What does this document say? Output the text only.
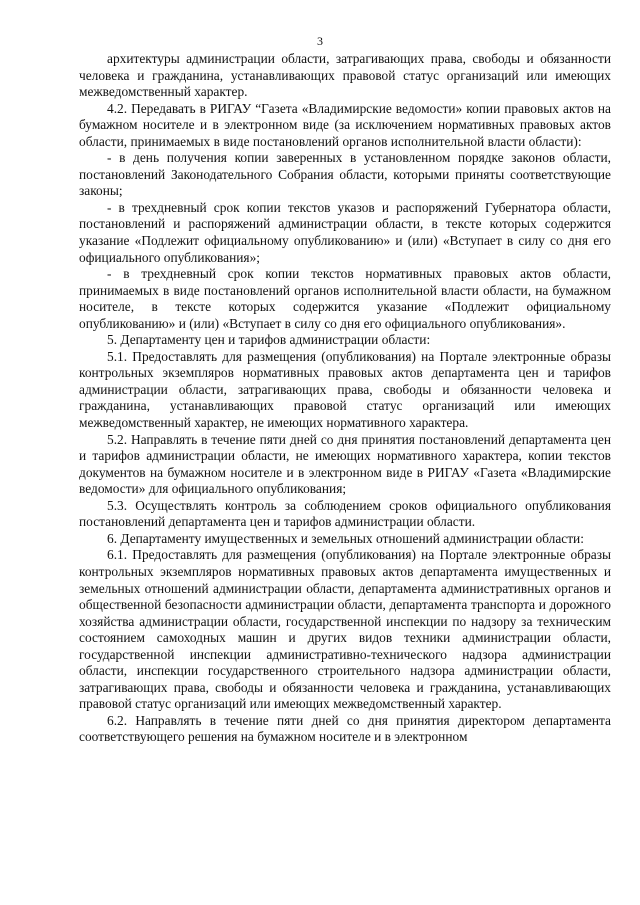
3

архитектуры администрации области, затрагивающих права, свободы и обязанности человека и гражданина, устанавливающих правовой статус организаций или имеющих межведомственный характер.

4.2. Передавать в РИГАУ “Газета «Владимирские ведомости» копии правовых актов на бумажном носителе и в электронном виде (за исключением нормативных правовых актов области, принимаемых в виде постановлений органов исполнительной власти области):

- в день получения копии заверенных в установленном порядке законов области, постановлений Законодательного Собрания области, которыми приняты соответствующие законы;

- в трехдневный срок копии текстов указов и распоряжений Губернатора области, постановлений и распоряжений администрации области, в тексте которых содержится указание «Подлежит официальному опубликованию» и (или) «Вступает в силу со дня его официального опубликования»;

- в трехдневный срок копии текстов нормативных правовых актов области, принимаемых в виде постановлений органов исполнительной власти области, на бумажном носителе, в тексте которых содержится указание «Подлежит официальному опубликованию» и (или) «Вступает в силу со дня его официального опубликования».

5. Департаменту цен и тарифов администрации области:

5.1. Предоставлять для размещения (опубликования) на Портале электронные образы контрольных экземпляров нормативных правовых актов департамента цен и тарифов администрации области, затрагивающих права, свободы и обязанности человека и гражданина, устанавливающих правовой статус организаций или имеющих межведомственный характер, не имеющих нормативного характера.

5.2. Направлять в течение пяти дней со дня принятия постановлений департамента цен и тарифов администрации области, не имеющих нормативного характера, копии текстов документов на бумажном носителе и в электронном виде в РИГАУ «Газета «Владимирские ведомости» для официального опубликования;

5.3. Осуществлять контроль за соблюдением сроков официального опубликования постановлений департамента цен и тарифов администрации области.

6. Департаменту имущественных и земельных отношений администрации области:

6.1. Предоставлять для размещения (опубликования) на Портале электронные образы контрольных экземпляров нормативных правовых актов департамента имущественных и земельных отношений администрации области, департамента административных органов и общественной безопасности администрации области, департамента транспорта и дорожного хозяйства администрации области, государственной инспекции по надзору за техническим состоянием самоходных машин и других видов техники администрации области, государственной инспекции административно-технического надзора администрации области, инспекции государственного строительного надзора администрации области, затрагивающих права, свободы и обязанности человека и гражданина, устанавливающих правовой статус организаций или имеющих межведомственный характер.

6.2. Направлять в течение пяти дней со дня принятия директором департамента соответствующего решения на бумажном носителе и в электронном
